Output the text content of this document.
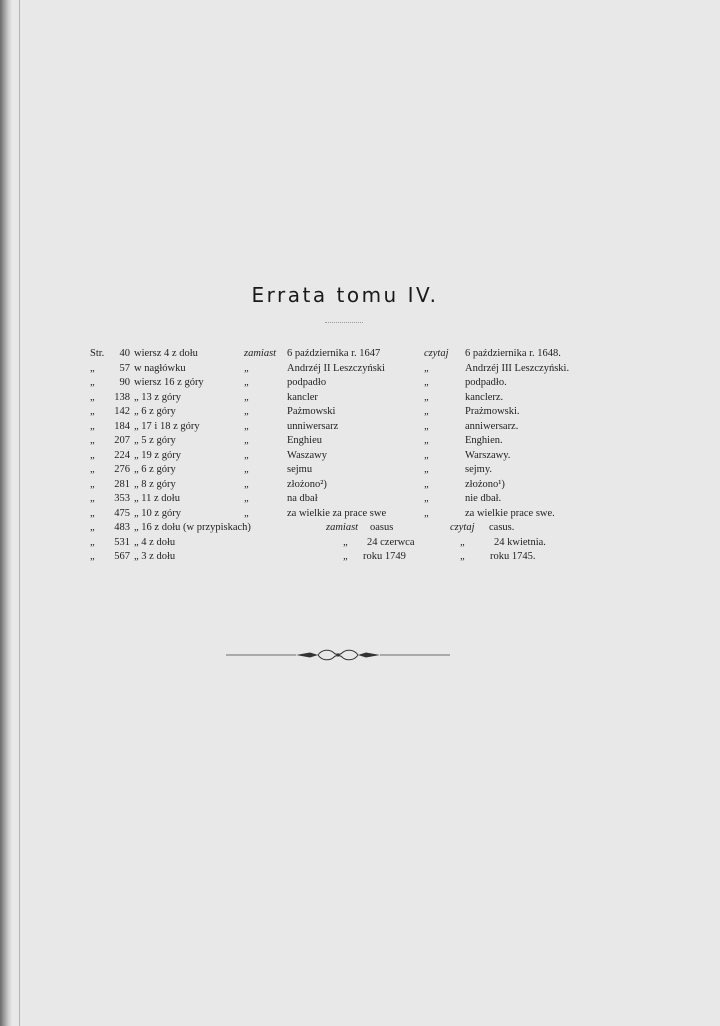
Errata tomu IV.
Str.	40 wiersz 4 z dołu	zamiast 6 października r. 1647	czytaj	6 października r. 1648.
„	57 w nagłówku	„	Andrzéj II Leszczyński	„	Andrzéj III Leszczyński.
„	90 wiersz 16 z góry	„	podpadło	„	podpadło.
„	138 „ 13 z góry	„	kancler	„	kanclerz.
„	142 „ 6 z góry	„	Pażmowski	„	Prażmowski.
„	184 „ 17 i 18 z góry	„	unniwersarz	„	anniwersarz.
„	207 „ 5 z góry	„	Enghieu	„	Enghien.
„	224 „ 19 z góry	„	Waszawy	„	Warszawy.
„	276 „ 6 z góry	„	sejmu	„	sejmy.
„	281 „ 8 z góry	„	złożono²)	„	złożono¹)
„	353 „ 11 z dołu	„	na dbał	„	nie dbał.
„	475 „ 10 z góry	„	za wielkie za prace swe	„	za wielkie prace swe.
„	483 „ 16 z dołu (w przypiskach)	zamiast oasus	czytaj	casus.
„	531 „ 4 z dołu	„	24 czerwca	„	24 kwietnia.
„	567 „ 3 z dołu	„	roku 1749	„	roku 1745.
